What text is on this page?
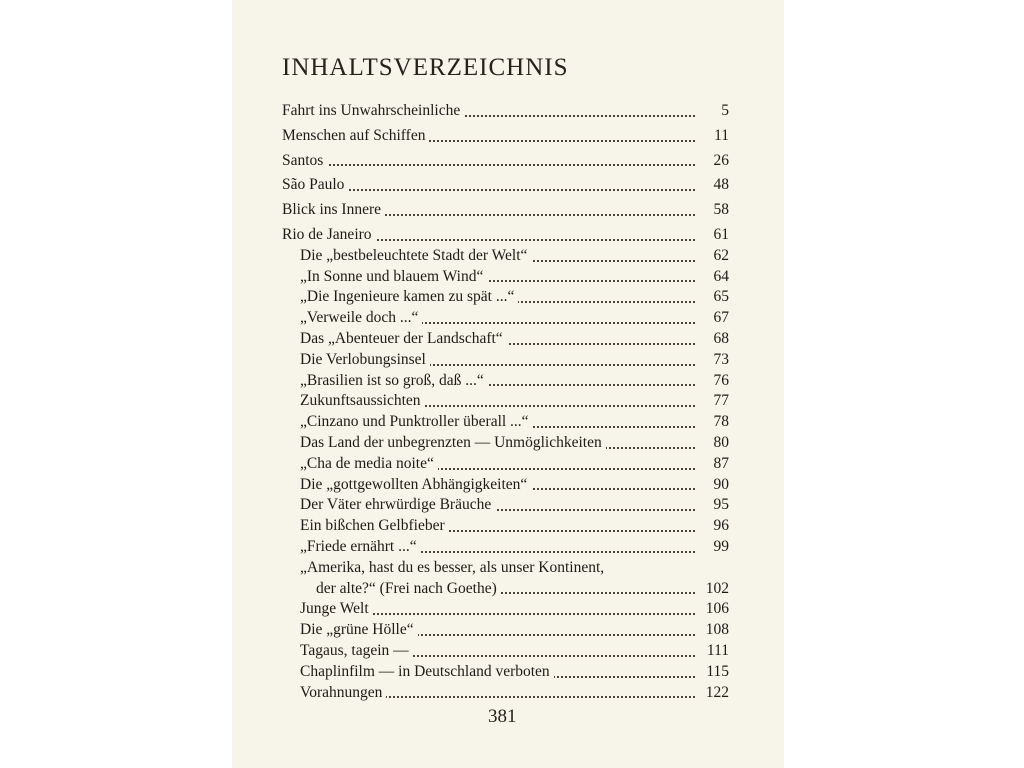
INHALTSVERZEICHNIS
Fahrt ins Unwahrscheinliche	5
Menschen auf Schiffen	11
Santos	26
São Paulo	48
Blick ins Innere	58
Rio de Janeiro	61
Die „bestbeleuchtete Stadt der Welt“	62
„In Sonne und blauem Wind“	64
„Die Ingenieure kamen zu spät ...“	65
„Verweile doch ...“	67
Das „Abenteuer der Landschaft“	68
Die Verlobungsinsel	73
„Brasilien ist so groß, daß ...“	76
Zukunftsaussichten	77
„Cinzano und Punktroller überall ...“	78
Das Land der unbegrenzten — Unmöglichkeiten	80
„Cha de media noite“	87
Die „gottgewollten Abhängigkeiten“	90
Der Väter ehrwürdige Bräuche	95
Ein bißchen Gelbfieber	96
„Friede ernährt ...“	99
„Amerika, hast du es besser, als unser Kontinent,
der alte?“ (Frei nach Goethe)	102
Junge Welt	106
Die „grüne Hölle“	108
Tagaus, tagein —	111
Chaplinfilm — in Deutschland verboten	115
Vorahnungen	122
381
